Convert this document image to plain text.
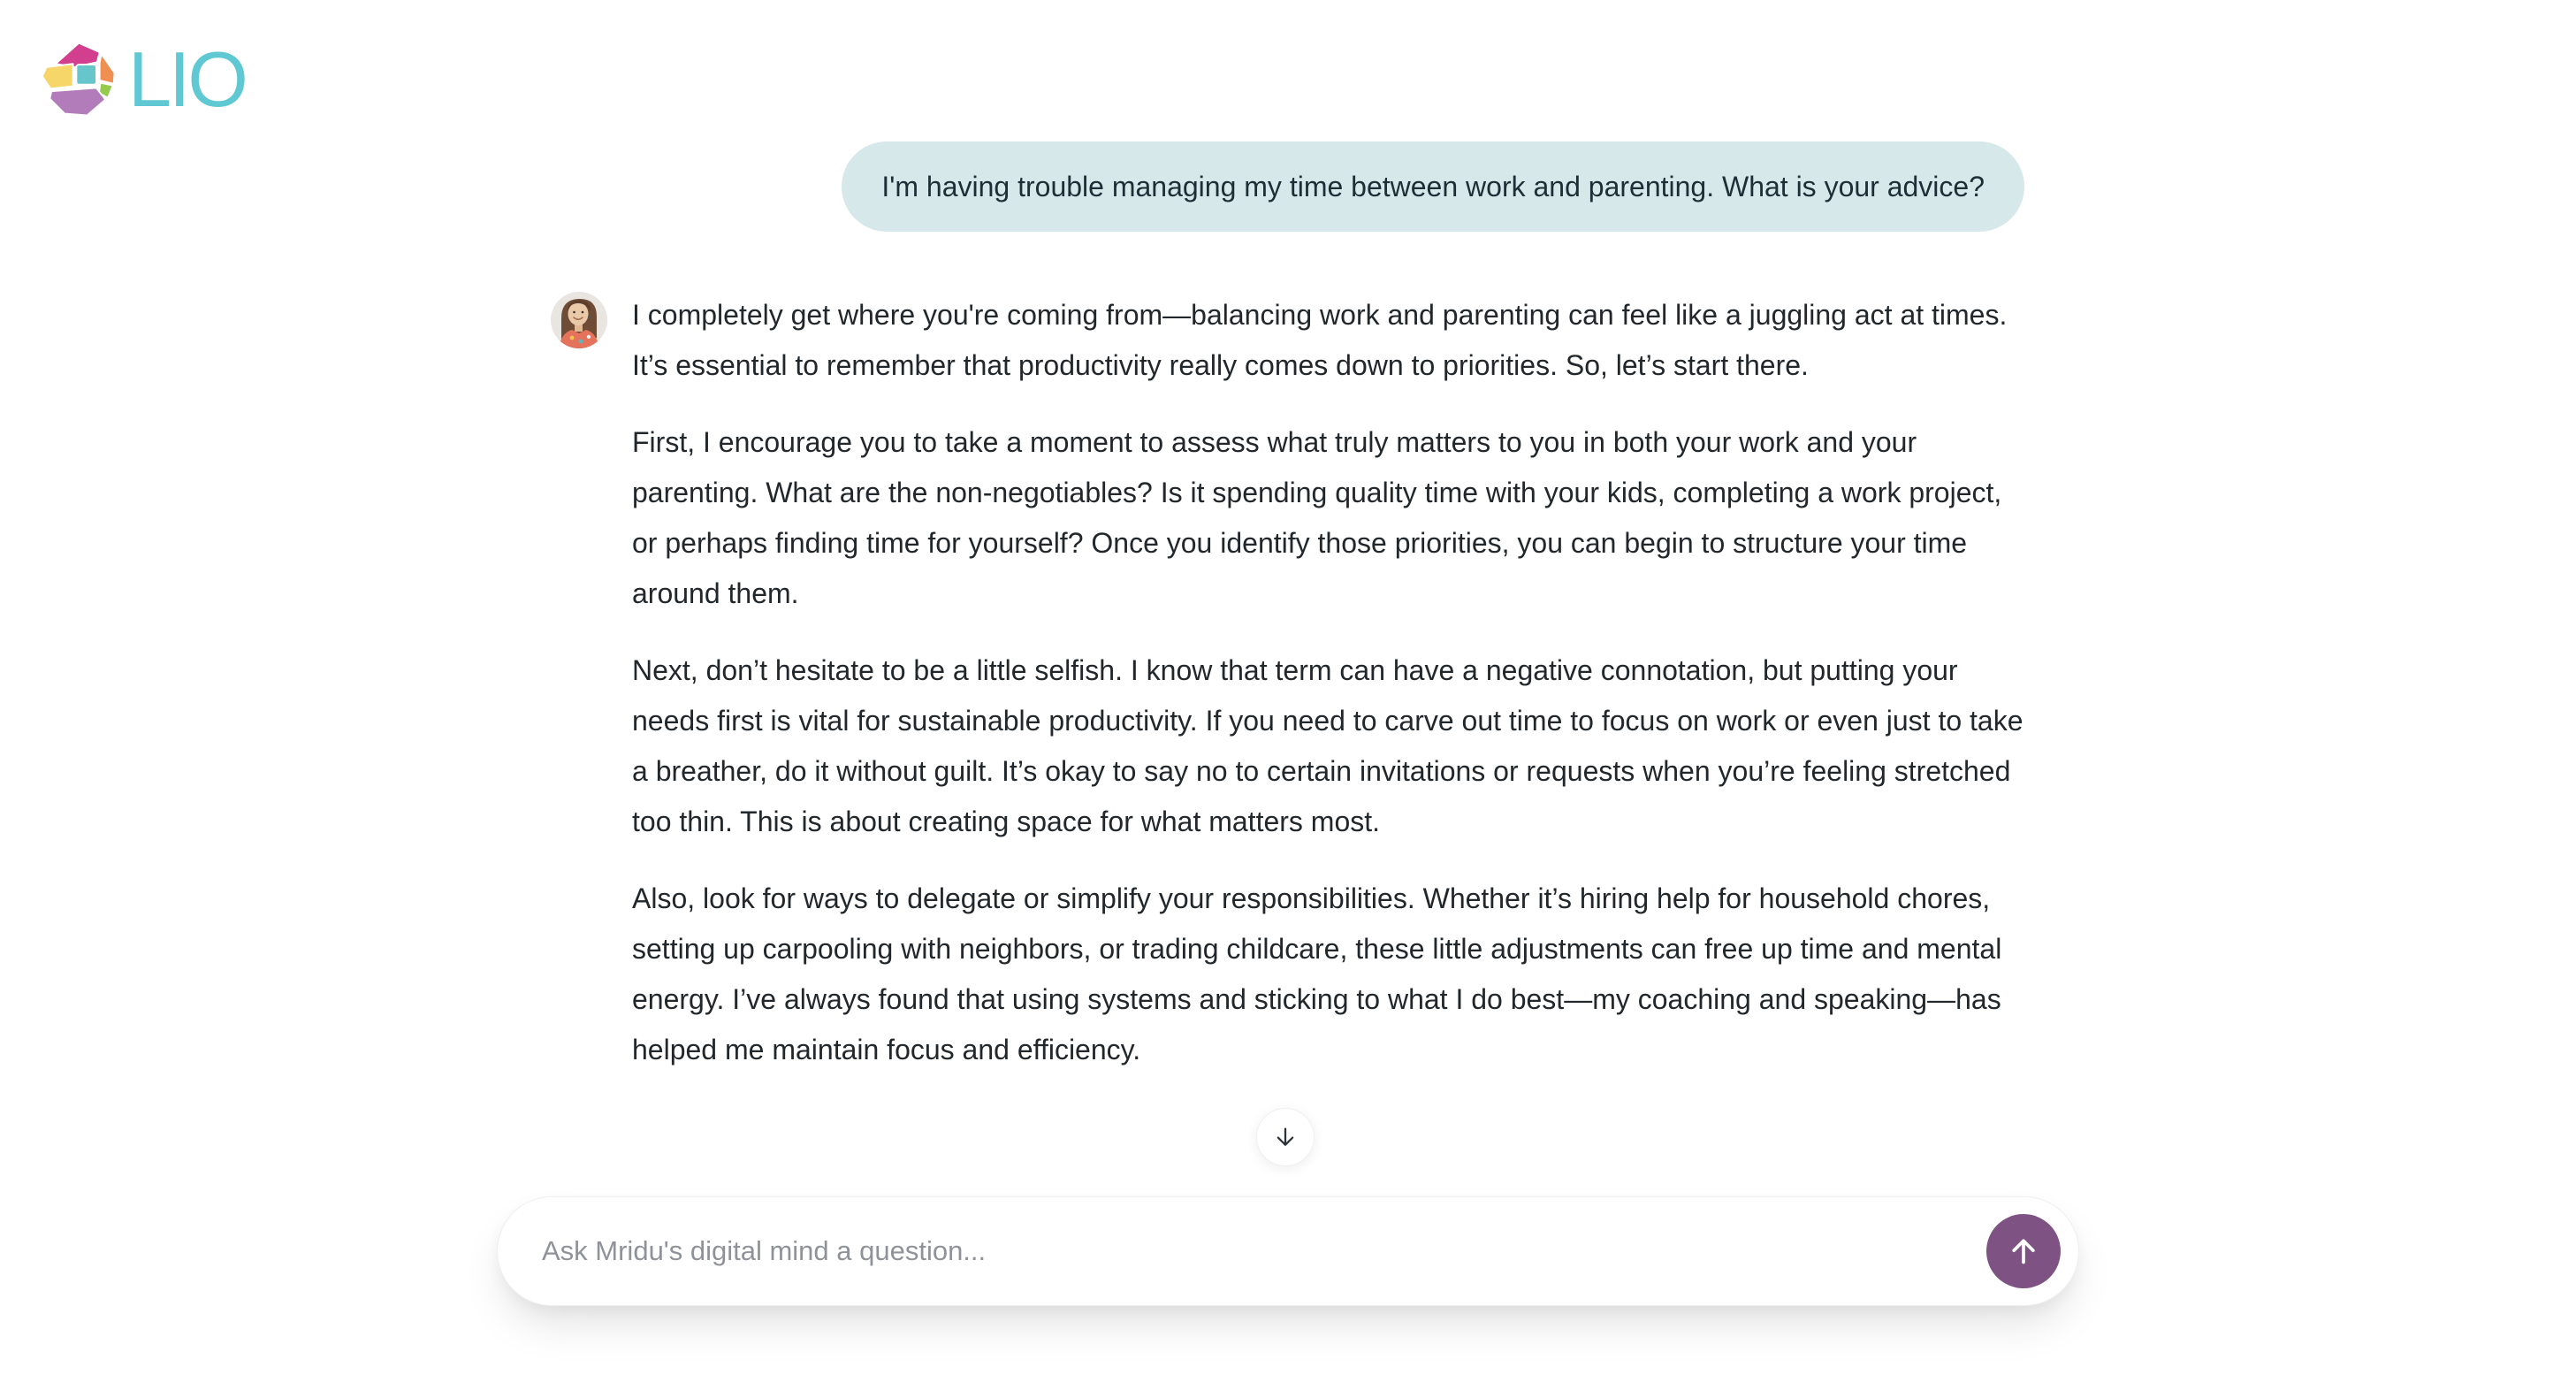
LIO
I'm having trouble managing my time between work and parenting. What is your advice?

I completely get where you're coming from—balancing work and parenting can feel like a juggling act at times. It’s essential to remember that productivity really comes down to priorities. So, let’s start there.

First, I encourage you to take a moment to assess what truly matters to you in both your work and your parenting. What are the non-negotiables? Is it spending quality time with your kids, completing a work project, or perhaps finding time for yourself? Once you identify those priorities, you can begin to structure your time around them.

Next, don’t hesitate to be a little selfish. I know that term can have a negative connotation, but putting your needs first is vital for sustainable productivity. If you need to carve out time to focus on work or even just to take a breather, do it without guilt. It’s okay to say no to certain invitations or requests when you’re feeling stretched too thin. This is about creating space for what matters most.

Also, look for ways to delegate or simplify your responsibilities. Whether it’s hiring help for household chores, setting up carpooling with neighbors, or trading childcare, these little adjustments can free up time and mental energy. I’ve always found that using systems and sticking to what I do best—my coaching and speaking—has helped me maintain focus and efficiency.

Ask Mridu's digital mind a question...
